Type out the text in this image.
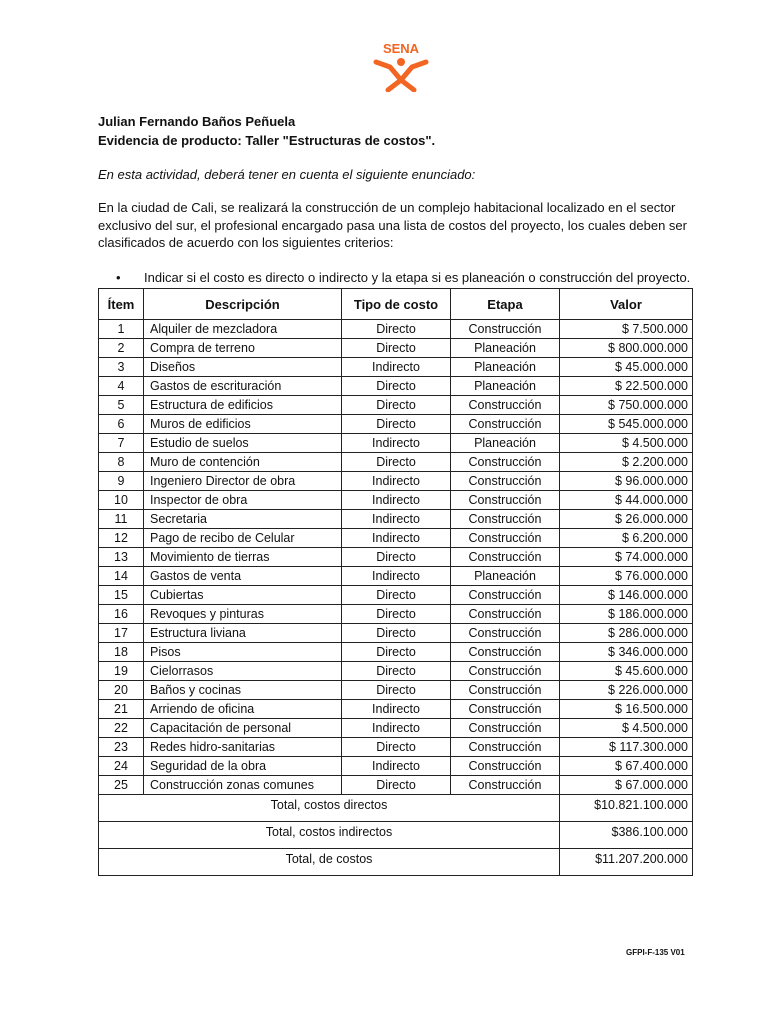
SENA
Julian Fernando Baños Peñuela
Evidencia de producto: Taller "Estructuras de costos".
En esta actividad, deberá tener en cuenta el siguiente enunciado:
En la ciudad de Cali, se realizará la construcción de un complejo habitacional localizado en el sector exclusivo del sur, el profesional encargado pasa una lista de costos del proyecto, los cuales deben ser clasificados de acuerdo con los siguientes criterios:
• Indicar si el costo es directo o indirecto y la etapa si es planeación o construcción del proyecto.
Ítem	Descripción	Tipo de costo	Etapa	Valor
1	Alquiler de mezcladora	Directo	Construcción	$ 7.500.000
2	Compra de terreno	Directo	Planeación	$ 800.000.000
3	Diseños	Indirecto	Planeación	$ 45.000.000
4	Gastos de escrituración	Directo	Planeación	$ 22.500.000
5	Estructura de edificios	Directo	Construcción	$ 750.000.000
6	Muros de edificios	Directo	Construcción	$ 545.000.000
7	Estudio de suelos	Indirecto	Planeación	$ 4.500.000
8	Muro de contención	Directo	Construcción	$ 2.200.000
9	Ingeniero Director de obra	Indirecto	Construcción	$ 96.000.000
10	Inspector de obra	Indirecto	Construcción	$ 44.000.000
11	Secretaria	Indirecto	Construcción	$ 26.000.000
12	Pago de recibo de Celular	Indirecto	Construcción	$ 6.200.000
13	Movimiento de tierras	Directo	Construcción	$ 74.000.000
14	Gastos de venta	Indirecto	Planeación	$ 76.000.000
15	Cubiertas	Directo	Construcción	$ 146.000.000
16	Revoques y pinturas	Directo	Construcción	$ 186.000.000
17	Estructura liviana	Directo	Construcción	$ 286.000.000
18	Pisos	Directo	Construcción	$ 346.000.000
19	Cielorrasos	Directo	Construcción	$ 45.600.000
20	Baños y cocinas	Directo	Construcción	$ 226.000.000
21	Arriendo de oficina	Indirecto	Construcción	$ 16.500.000
22	Capacitación de personal	Indirecto	Construcción	$ 4.500.000
23	Redes hidro-sanitarias	Directo	Construcción	$ 117.300.000
24	Seguridad de la obra	Indirecto	Construcción	$ 67.400.000
25	Construcción zonas comunes	Directo	Construcción	$ 67.000.000
Total, costos directos				$10.821.100.000
Total, costos indirectos				$386.100.000
Total, de costos				$11.207.200.000
GFPI-F-135 V01
